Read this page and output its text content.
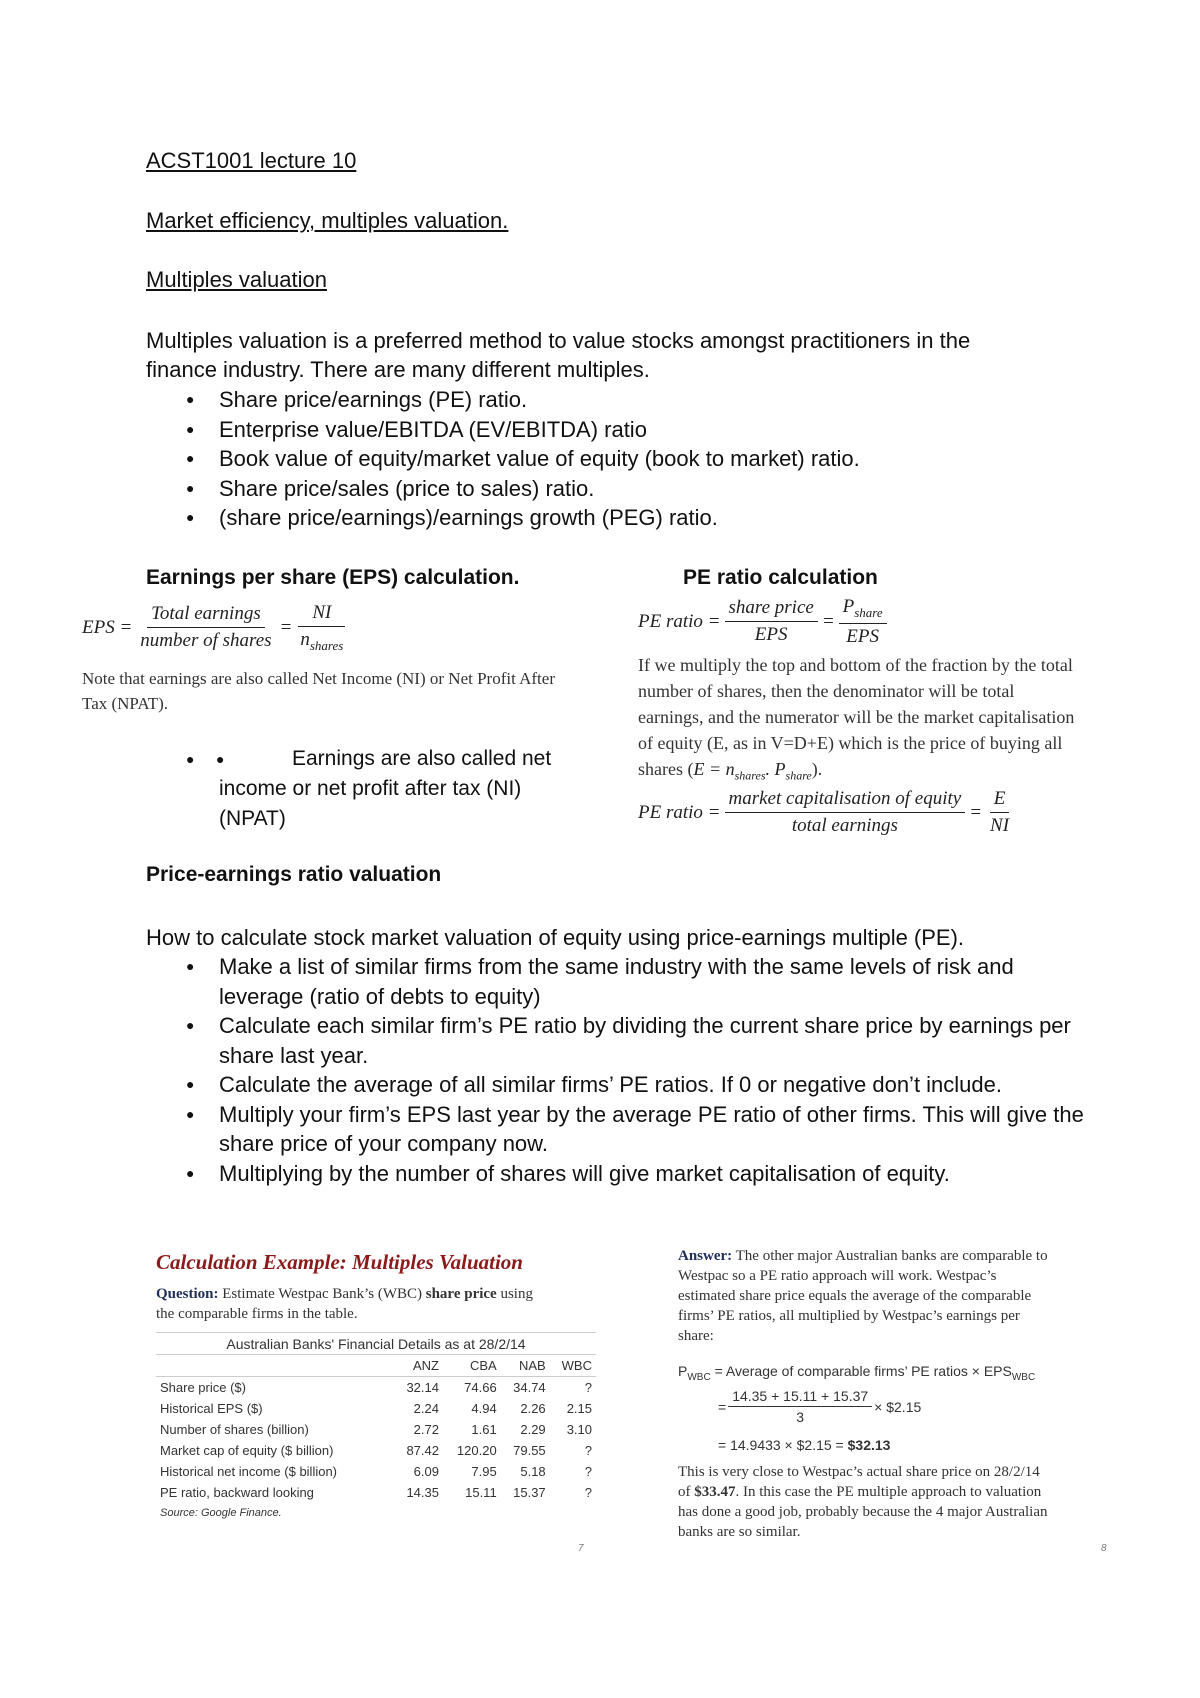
ACST1001 lecture 10
Market efficiency, multiples valuation.
Multiples valuation
Multiples valuation is a preferred method to value stocks amongst practitioners in the
finance industry. There are many different multiples.
● Share price/earnings (PE) ratio.
● Enterprise value/EBITDA (EV/EBITDA) ratio
● Book value of equity/market value of equity (book to market) ratio.
● Share price/sales (price to sales) ratio.
● (share price/earnings)/earnings growth (PEG) ratio.
Earnings per share (EPS) calculation.
EPS = $\frac{\text{Total earnings}}{\text{number of shares}} = \frac{NI}{n_{shares}}$
Note that earnings are also called Net Income (NI) or Net Profit After
Tax (NPAT).
● ●	Earnings are also called net
income or net profit after tax (NI)
(NPAT)
PE ratio calculation
PE ratio = $\frac{\text{share price}}{\text{EPS}} = \frac{P_{share}}{\text{EPS}}$
If we multiply the top and bottom of the fraction by the total
number of shares, then the denominator will be total
earnings, and the numerator will be the market capitalisation
of equity (E, as in V=D+E) which is the price of buying all
shares ($E = n_{shares}$. $P_{share}$).
PE ratio = $\frac{\text{market capitalisation of equity}}{\text{total earnings}} = \frac{E}{NI}$
Price-earnings ratio valuation
How to calculate stock market valuation of equity using price-earnings multiple (PE).
● Make a list of similar firms from the same industry with the same levels of risk and leverage (ratio of debts to equity)
● Calculate each similar firm’s PE ratio by dividing the current share price by earnings per share last year.
● Calculate the average of all similar firms’ PE ratios. If 0 or negative don’t include.
● Multiply your firm’s EPS last year by the average PE ratio of other firms. This will give the share price of your company now.
● Multiplying by the number of shares will give market capitalisation of equity.
Calculation Example: Multiples Valuation
Question: Estimate Westpac Bank’s (WBC) share price using
the comparable firms in the table.
Australian Banks' Financial Details as at 28/2/14
	ANZ	CBA	NAB	WBC
Share price ($)	32.14	74.66	34.74	?
Historical EPS ($)	2.24	4.94	2.26	2.15
Number of shares (billion)	2.72	1.61	2.29	3.10
Market cap of equity ($ billion)	87.42	120.20	79.55	?
Historical net income ($ billion)	6.09	7.95	5.18	?
PE ratio, backward looking	14.35	15.11	15.37	?
Source: Google Finance.
7
Answer: The other major Australian banks are comparable to
Westpac so a PE ratio approach will work. Westpac’s
estimated share price equals the average of the comparable
firms’ PE ratios, all multiplied by Westpac’s earnings per
share:
$P_{WBC}$ = Average of comparable firms’ PE ratios × $EPS_{WBC}$
= $\frac{14.35 + 15.11 + 15.37}{3}$ × $2.15
= 14.9433 × $2.15 = $32.13
This is very close to Westpac’s actual share price on 28/2/14
of $33.47. In this case the PE multiple approach to valuation
has done a good job, probably because the 4 major Australian
banks are so similar.
8
